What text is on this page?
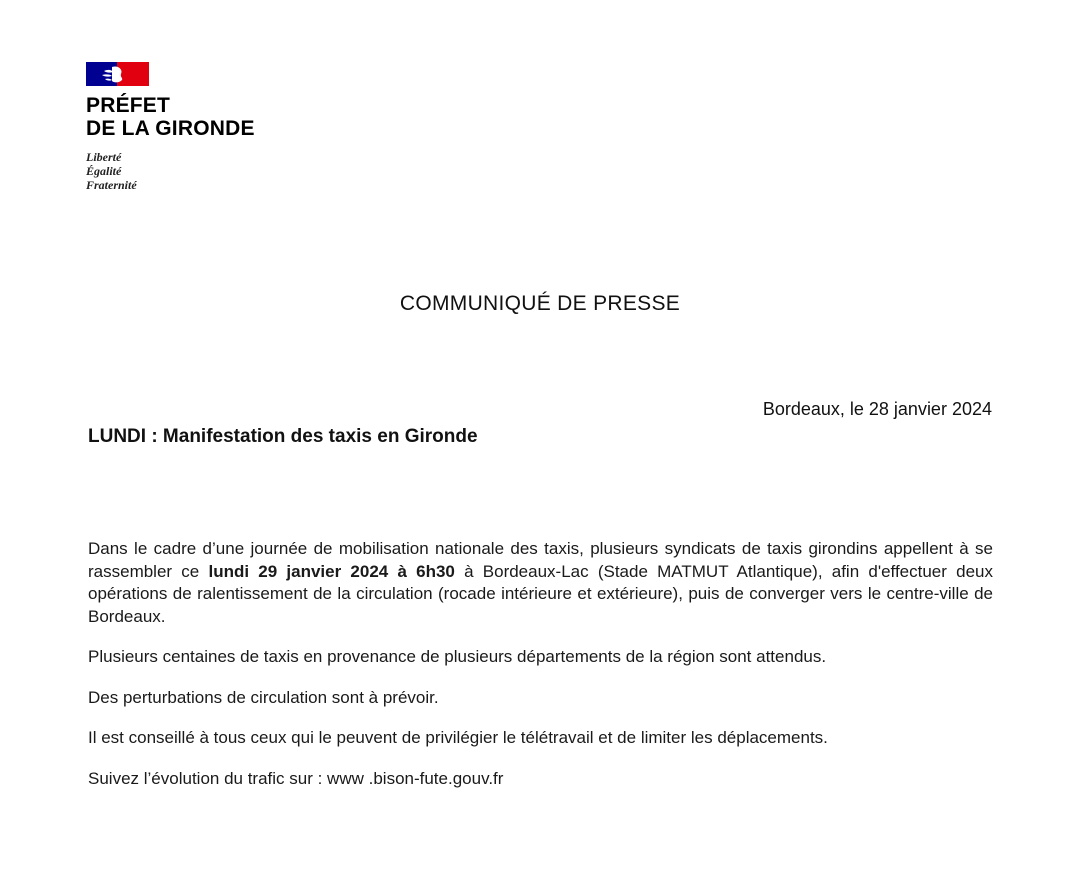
PRÉFET
DE LA GIRONDE
Liberté
Égalité
Fraternité
COMMUNIQUÉ DE PRESSE
Bordeaux, le 28 janvier 2024
LUNDI : Manifestation des taxis en Gironde

Dans le cadre d’une journée de mobilisation nationale des taxis, plusieurs syndicats de taxis girondins appellent à se rassembler ce lundi 29 janvier 2024 à 6h30 à Bordeaux-Lac (Stade MATMUT Atlantique), afin d'effectuer deux opérations de ralentissement de la circulation (rocade intérieure et extérieure), puis de converger vers le centre-ville de Bordeaux.

Plusieurs centaines de taxis en provenance de plusieurs départements de la région sont attendus.

Des perturbations de circulation sont à prévoir.

Il est conseillé à tous ceux qui le peuvent de privilégier le télétravail et de limiter les déplacements.

Suivez l’évolution du trafic sur : www .bison-fute.gouv.fr
